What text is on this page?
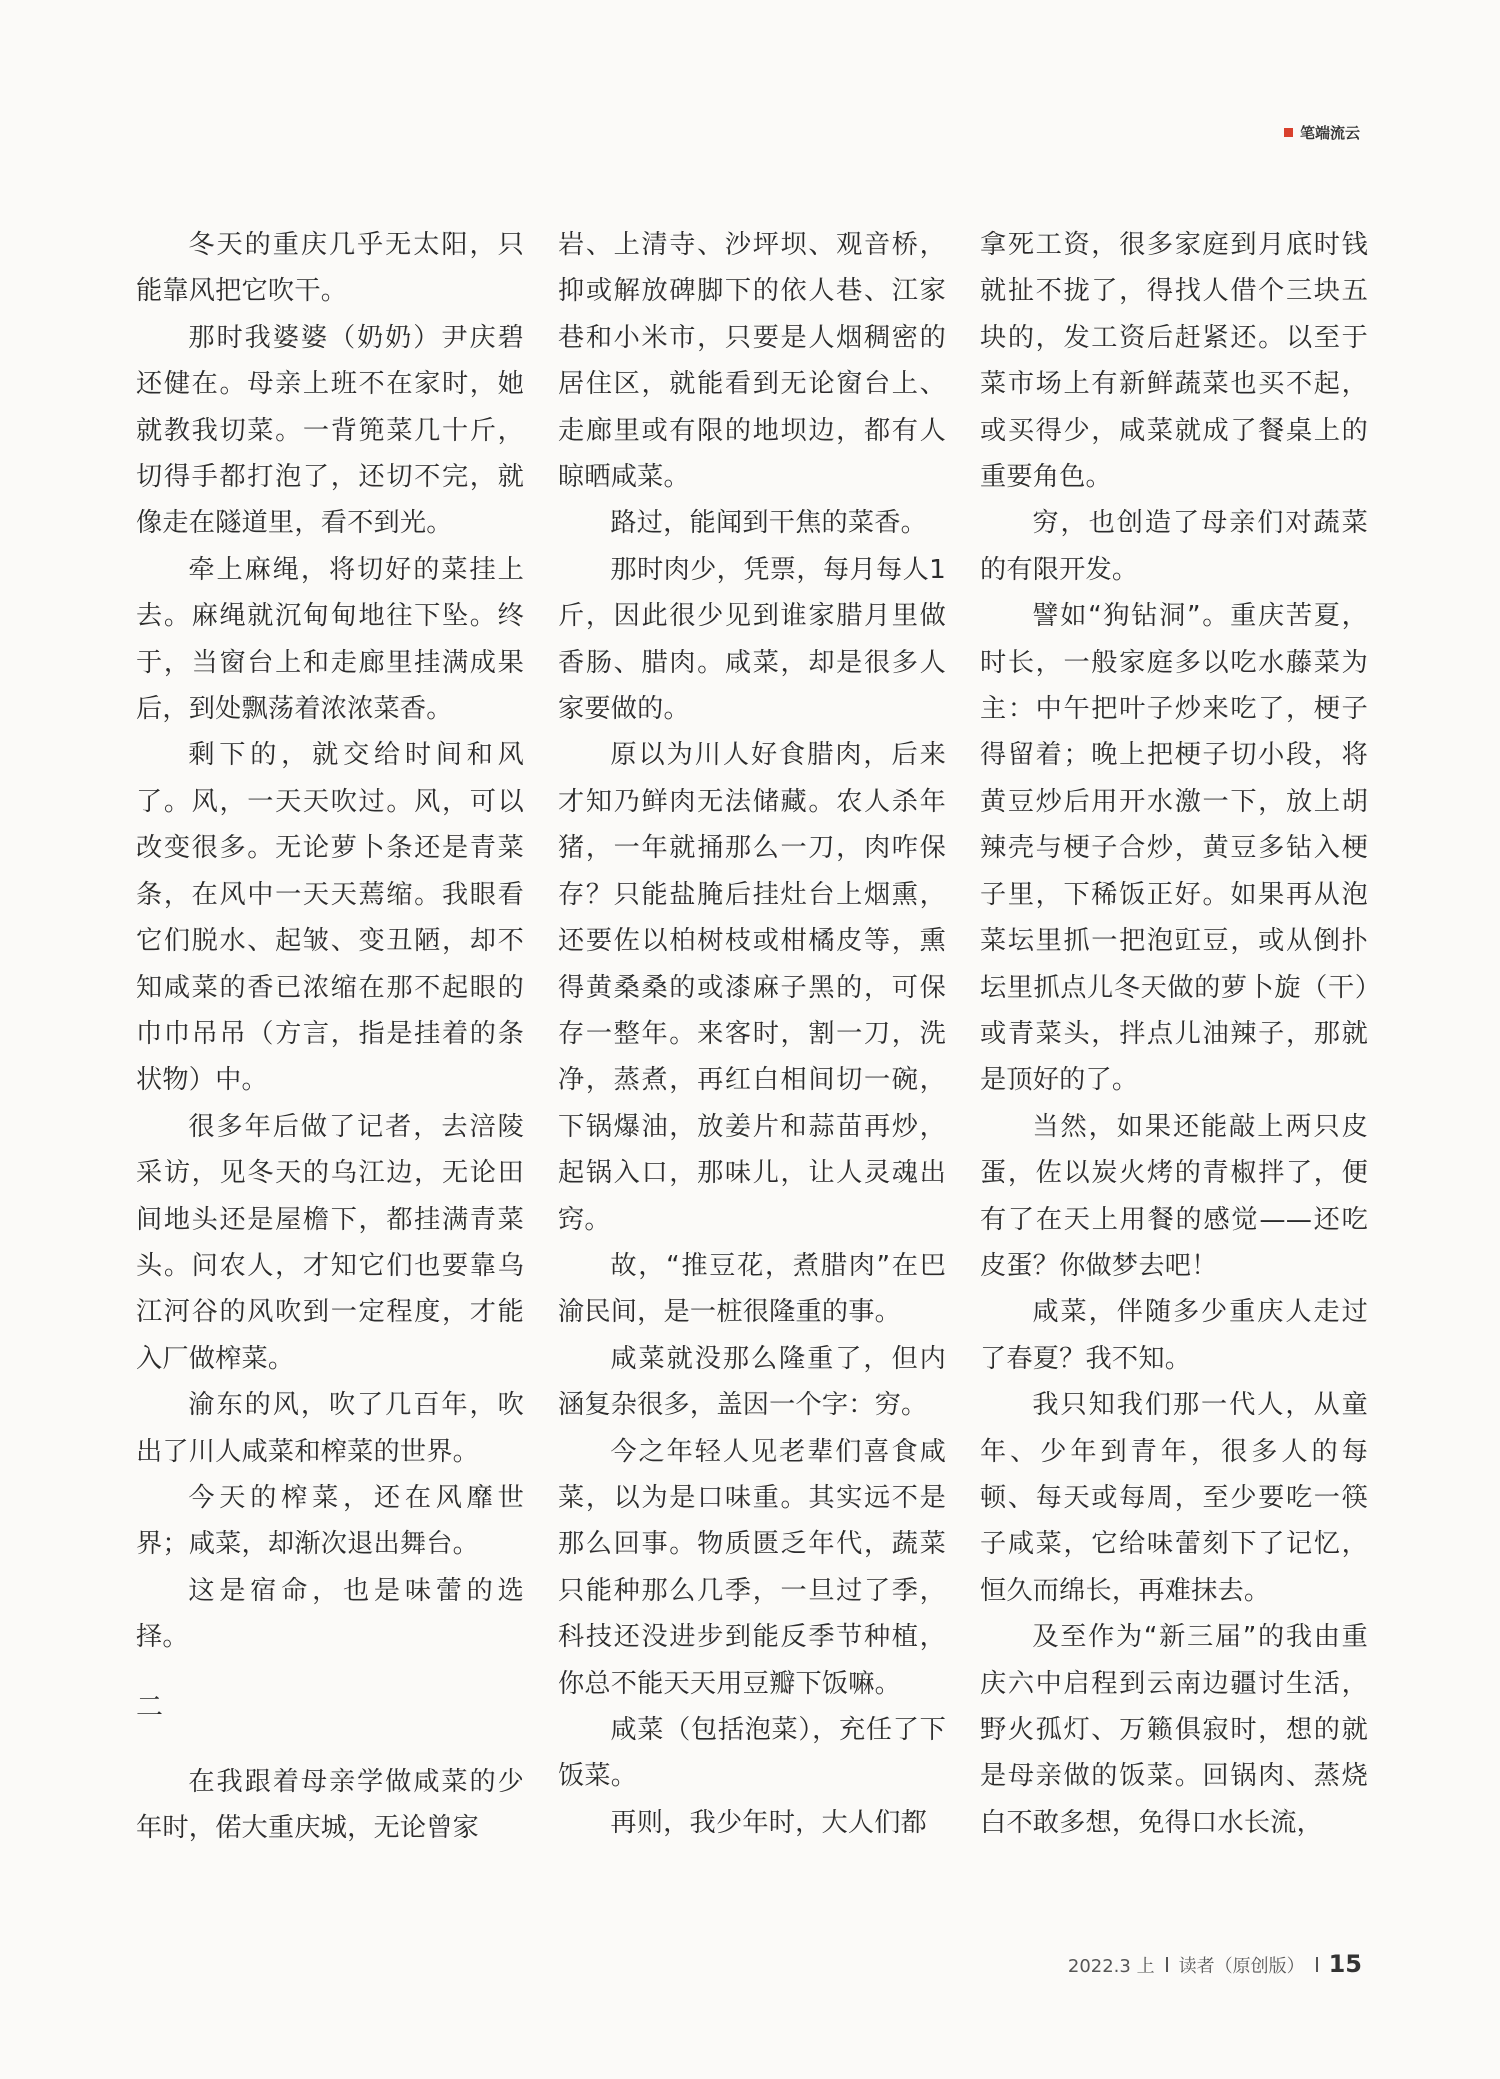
笔端流云

冬天的重庆几乎无太阳，只能靠风把它吹干。

那时我婆婆（奶奶）尹庆碧还健在。母亲上班不在家时，她就教我切菜。一背篼菜几十斤，切得手都打泡了，还切不完，就像走在隧道里，看不到光。

牵上麻绳，将切好的菜挂上去。麻绳就沉甸甸地往下坠。终于，当窗台上和走廊里挂满成果后，到处飘荡着浓浓菜香。

剩下的，就交给时间和风了。风，一天天吹过。风，可以改变很多。无论萝卜条还是青菜条，在风中一天天蔫缩。我眼看它们脱水、起皱、变丑陋，却不知咸菜的香已浓缩在那不起眼的巾巾吊吊（方言，指是挂着的条状物）中。

很多年后做了记者，去涪陵采访，见冬天的乌江边，无论田间地头还是屋檐下，都挂满青菜头。问农人，才知它们也要靠乌江河谷的风吹到一定程度，才能入厂做榨菜。

渝东的风，吹了几百年，吹出了川人咸菜和榨菜的世界。

今天的榨菜，还在风靡世界；咸菜，却渐次退出舞台。

这是宿命，也是味蕾的选择。

二

在我跟着母亲学做咸菜的少年时，偌大重庆城，无论曾家

岩、上清寺、沙坪坝、观音桥，抑或解放碑脚下的依人巷、江家巷和小米市，只要是人烟稠密的居住区，就能看到无论窗台上、走廊里或有限的地坝边，都有人晾晒咸菜。

路过，能闻到干焦的菜香。

那时肉少，凭票，每月每人1斤，因此很少见到谁家腊月里做香肠、腊肉。咸菜，却是很多人家要做的。

原以为川人好食腊肉，后来才知乃鲜肉无法储藏。农人杀年猪，一年就捅那么一刀，肉咋保存？只能盐腌后挂灶台上烟熏，还要佐以柏树枝或柑橘皮等，熏得黄桑桑的或漆麻子黑的，可保存一整年。来客时，割一刀，洗净，蒸煮，再红白相间切一碗，下锅爆油，放姜片和蒜苗再炒，起锅入口，那味儿，让人灵魂出窍。

故，“推豆花，煮腊肉”在巴渝民间，是一桩很隆重的事。

咸菜就没那么隆重了，但内涵复杂很多，盖因一个字：穷。

今之年轻人见老辈们喜食咸菜，以为是口味重。其实远不是那么回事。物质匮乏年代，蔬菜只能种那么几季，一旦过了季，科技还没进步到能反季节种植，你总不能天天用豆瓣下饭嘛。

咸菜（包括泡菜），充任了下饭菜。

再则，我少年时，大人们都

拿死工资，很多家庭到月底时钱就扯不拢了，得找人借个三块五块的，发工资后赶紧还。以至于菜市场上有新鲜蔬菜也买不起，或买得少，咸菜就成了餐桌上的重要角色。

穷，也创造了母亲们对蔬菜的有限开发。

譬如“狗钻洞”。重庆苦夏，时长，一般家庭多以吃水藤菜为主：中午把叶子炒来吃了，梗子得留着；晚上把梗子切小段，将黄豆炒后用开水激一下，放上胡辣壳与梗子合炒，黄豆多钻入梗子里，下稀饭正好。如果再从泡菜坛里抓一把泡豇豆，或从倒扑坛里抓点儿冬天做的萝卜旋（干）或青菜头，拌点儿油辣子，那就是顶好的了。

当然，如果还能敲上两只皮蛋，佐以炭火烤的青椒拌了，便有了在天上用餐的感觉——还吃皮蛋？你做梦去吧！

咸菜，伴随多少重庆人走过了春夏？我不知。

我只知我们那一代人，从童年、少年到青年，很多人的每顿、每天或每周，至少要吃一筷子咸菜，它给味蕾刻下了记忆，恒久而绵长，再难抹去。

及至作为“新三届”的我由重庆六中启程到云南边疆讨生活，野火孤灯、万籁俱寂时，想的就是母亲做的饭菜。回锅肉、蒸烧白不敢多想，免得口水长流，

2022.3 上 读者（原创版） 15
